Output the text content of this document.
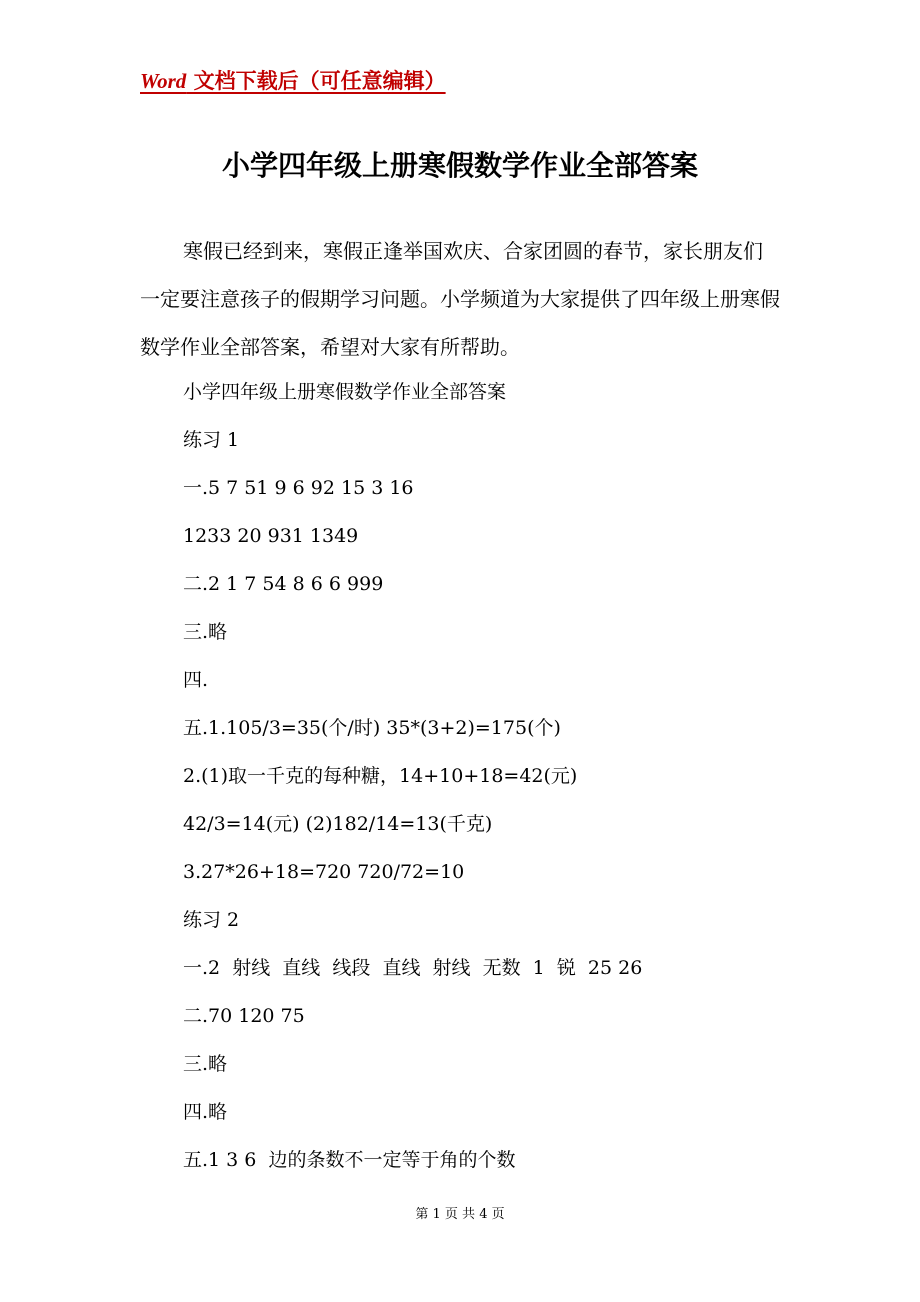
Word 文档下载后（可任意编辑）
小学四年级上册寒假数学作业全部答案
寒假已经到来，寒假正逢举国欢庆、合家团圆的春节，家长朋友们一定要注意孩子的假期学习问题。小学频道为大家提供了四年级上册寒假数学作业全部答案，希望对大家有所帮助。
小学四年级上册寒假数学作业全部答案
练习 1
一.5 7 51 9 6 92 15 3 16
1233 20 931 1349
二.2 1 7 54 8 6 6 999
三.略
四.
五.1.105/3=35(个/时) 35*(3+2)=175(个)
2.(1)取一千克的每种糖，14+10+18=42(元)
42/3=14(元) (2)182/14=13(千克)
3.27*26+18=720 720/72=10
练习 2
一.2  射线  直线  线段  直线  射线  无数  1  锐  25 26
二.70 120 75
三.略
四.略
五.1 3 6  边的条数不一定等于角的个数
第 1 页 共 4 页
